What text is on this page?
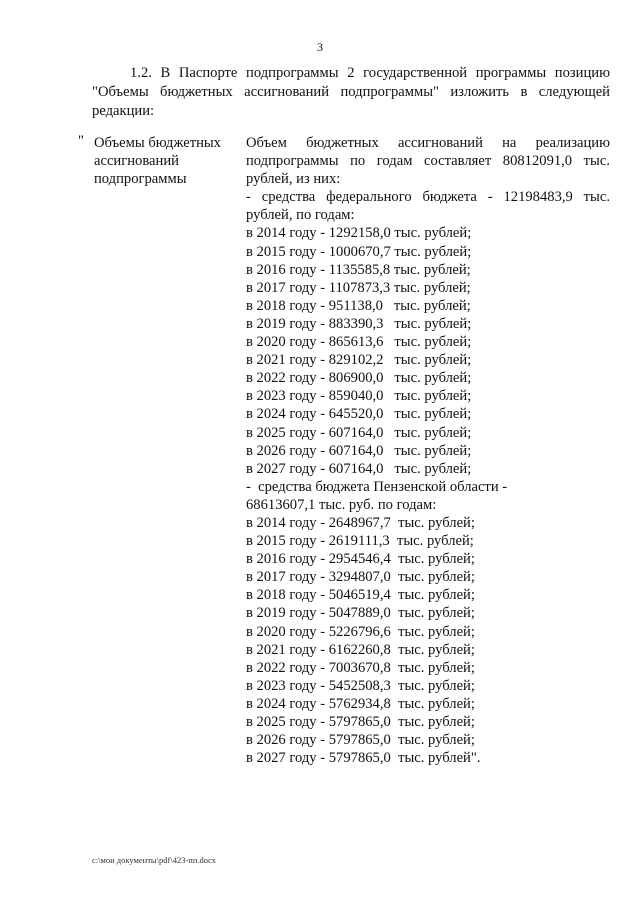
3

1.2. В Паспорте подпрограммы 2 государственной программы позицию
"Объемы бюджетных ассигнований подпрограммы" изложить в следующей
редакции:

" Объемы бюджетных
ассигнований
подпрограммы
Объем бюджетных ассигнований на реализацию
подпрограммы по годам составляет 80812091,0 тыс.
рублей, из них:
- средства федерального бюджета - 12198483,9 тыс.
рублей, по годам:
в 2014 году - 1292158,0 тыс. рублей;
в 2015 году - 1000670,7 тыс. рублей;
в 2016 году - 1135585,8 тыс. рублей;
в 2017 году - 1107873,3 тыс. рублей;
в 2018 году - 951138,0   тыс. рублей;
в 2019 году - 883390,3   тыс. рублей;
в 2020 году - 865613,6   тыс. рублей;
в 2021 году - 829102,2   тыс. рублей;
в 2022 году - 806900,0   тыс. рублей;
в 2023 году - 859040,0   тыс. рублей;
в 2024 году - 645520,0   тыс. рублей;
в 2025 году - 607164,0   тыс. рублей;
в 2026 году - 607164,0   тыс. рублей;
в 2027 году - 607164,0   тыс. рублей;
-  средства бюджета Пензенской области -
68613607,1 тыс. руб. по годам:
в 2014 году - 2648967,7  тыс. рублей;
в 2015 году - 2619111,3  тыс. рублей;
в 2016 году - 2954546,4  тыс. рублей;
в 2017 году - 3294807,0  тыс. рублей;
в 2018 году - 5046519,4  тыс. рублей;
в 2019 году - 5047889,0  тыс. рублей;
в 2020 году - 5226796,6  тыс. рублей;
в 2021 году - 6162260,8  тыс. рублей;
в 2022 году - 7003670,8  тыс. рублей;
в 2023 году - 5452508,3  тыс. рублей;
в 2024 году - 5762934,8  тыс. рублей;
в 2025 году - 5797865,0  тыс. рублей;
в 2026 году - 5797865,0  тыс. рублей;
в 2027 году - 5797865,0  тыс. рублей".
c:\мои документы\pdf\423-пп.docx
